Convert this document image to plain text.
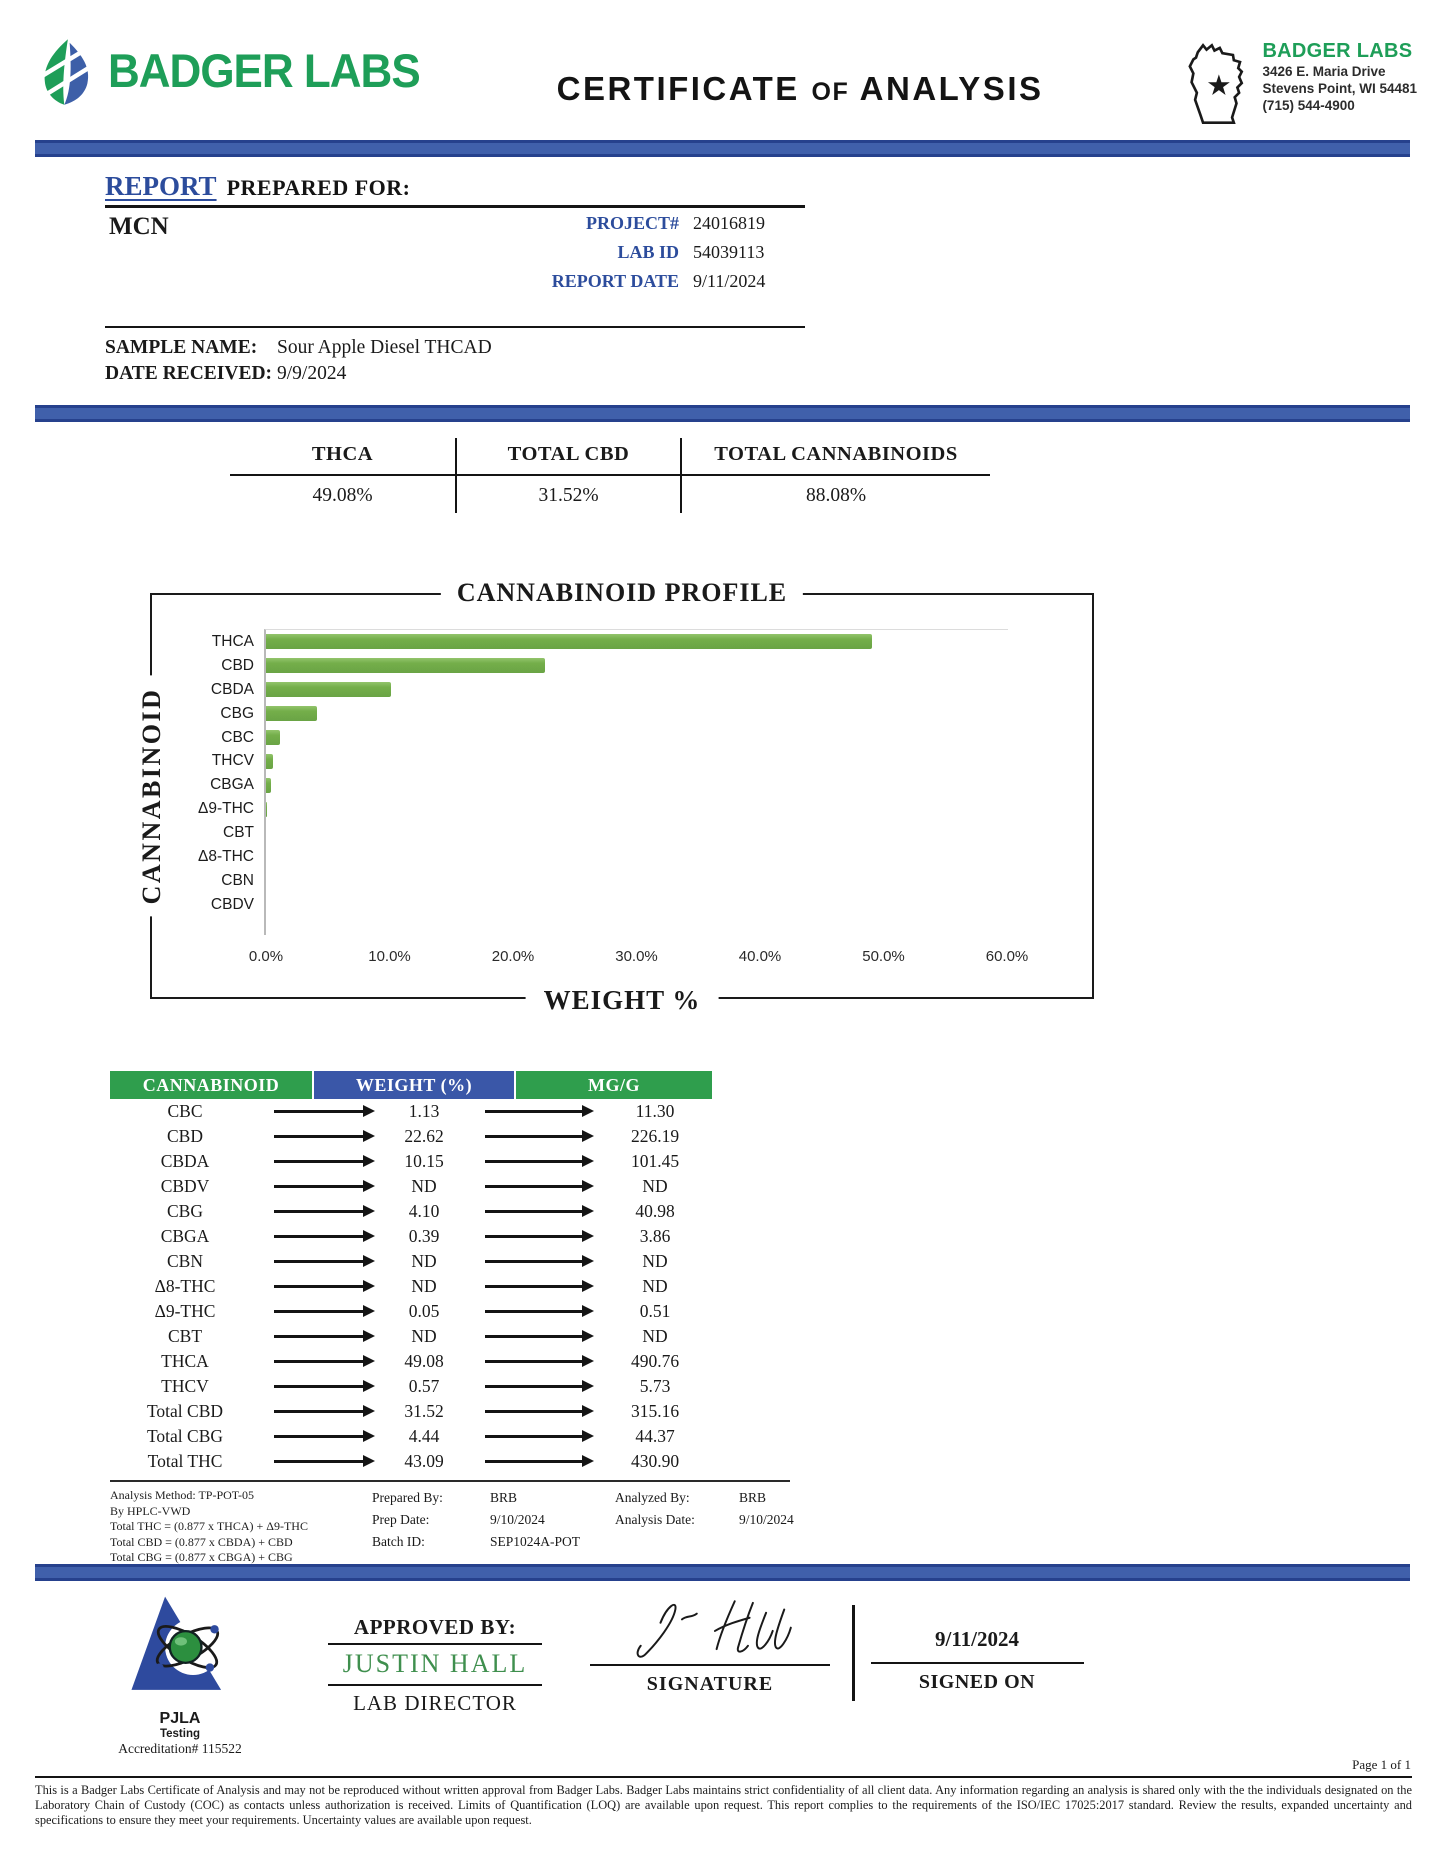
BADGER LABS	CERTIFICATE OF ANALYSIS
BADGER LABS
3426 E. Maria Drive
Stevens Point, WI 54481
(715) 544-4900
REPORT PREPARED FOR:
MCN	PROJECT# 24016819
LAB ID 54039113
REPORT DATE 9/11/2024
SAMPLE NAME: Sour Apple Diesel THCAD
DATE RECEIVED: 9/9/2024
THCA	TOTAL CBD	TOTAL CANNABINOIDS
49.08%	31.52%	88.08%
CANNABINOID PROFILE
CANNABINOID
THCA
CBD
CBDA
CBG
CBC
THCV
CBGA
Δ9-THC
CBT
Δ8-THC
CBN
CBDV
0.0%	10.0%	20.0%	30.0%	40.0%	50.0%	60.0%
WEIGHT %
CANNABINOID	WEIGHT (%)	MG/G
CBC	1.13	11.30
CBD	22.62	226.19
CBDA	10.15	101.45
CBDV	ND	ND
CBG	4.10	40.98
CBGA	0.39	3.86
CBN	ND	ND
Δ8-THC	ND	ND
Δ9-THC	0.05	0.51
CBT	ND	ND
THCA	49.08	490.76
THCV	0.57	5.73
Total CBD	31.52	315.16
Total CBG	4.44	44.37
Total THC	43.09	430.90
Analysis Method: TP-POT-05
By HPLC-VWD
Total THC = (0.877 x THCA) + Δ9-THC
Total CBD = (0.877 x CBDA) + CBD
Total CBG = (0.877 x CBGA) + CBG
Prepared By:	BRB
Prep Date:	9/10/2024
Batch ID:	SEP1024A-POT
Analyzed By:	BRB
Analysis Date:	9/10/2024
PJLA
Testing
Accreditation# 115522
APPROVED BY:
JUSTIN HALL
LAB DIRECTOR
SIGNATURE
9/11/2024
SIGNED ON
Page 1 of 1
This is a Badger Labs Certificate of Analysis and may not be reproduced without written approval from Badger Labs. Badger Labs maintains strict confidentiality of all client data. Any information regarding an analysis is shared only with the the individuals designated on the Laboratory Chain of Custody (COC) as contacts unless authorization is received. Limits of Quantification (LOQ) are available upon request. This report complies to the requirements of the ISO/IEC 17025:2017 standard. Review the results, expanded uncertainty and specifications to ensure they meet your requirements. Uncertainty values are available upon request.
